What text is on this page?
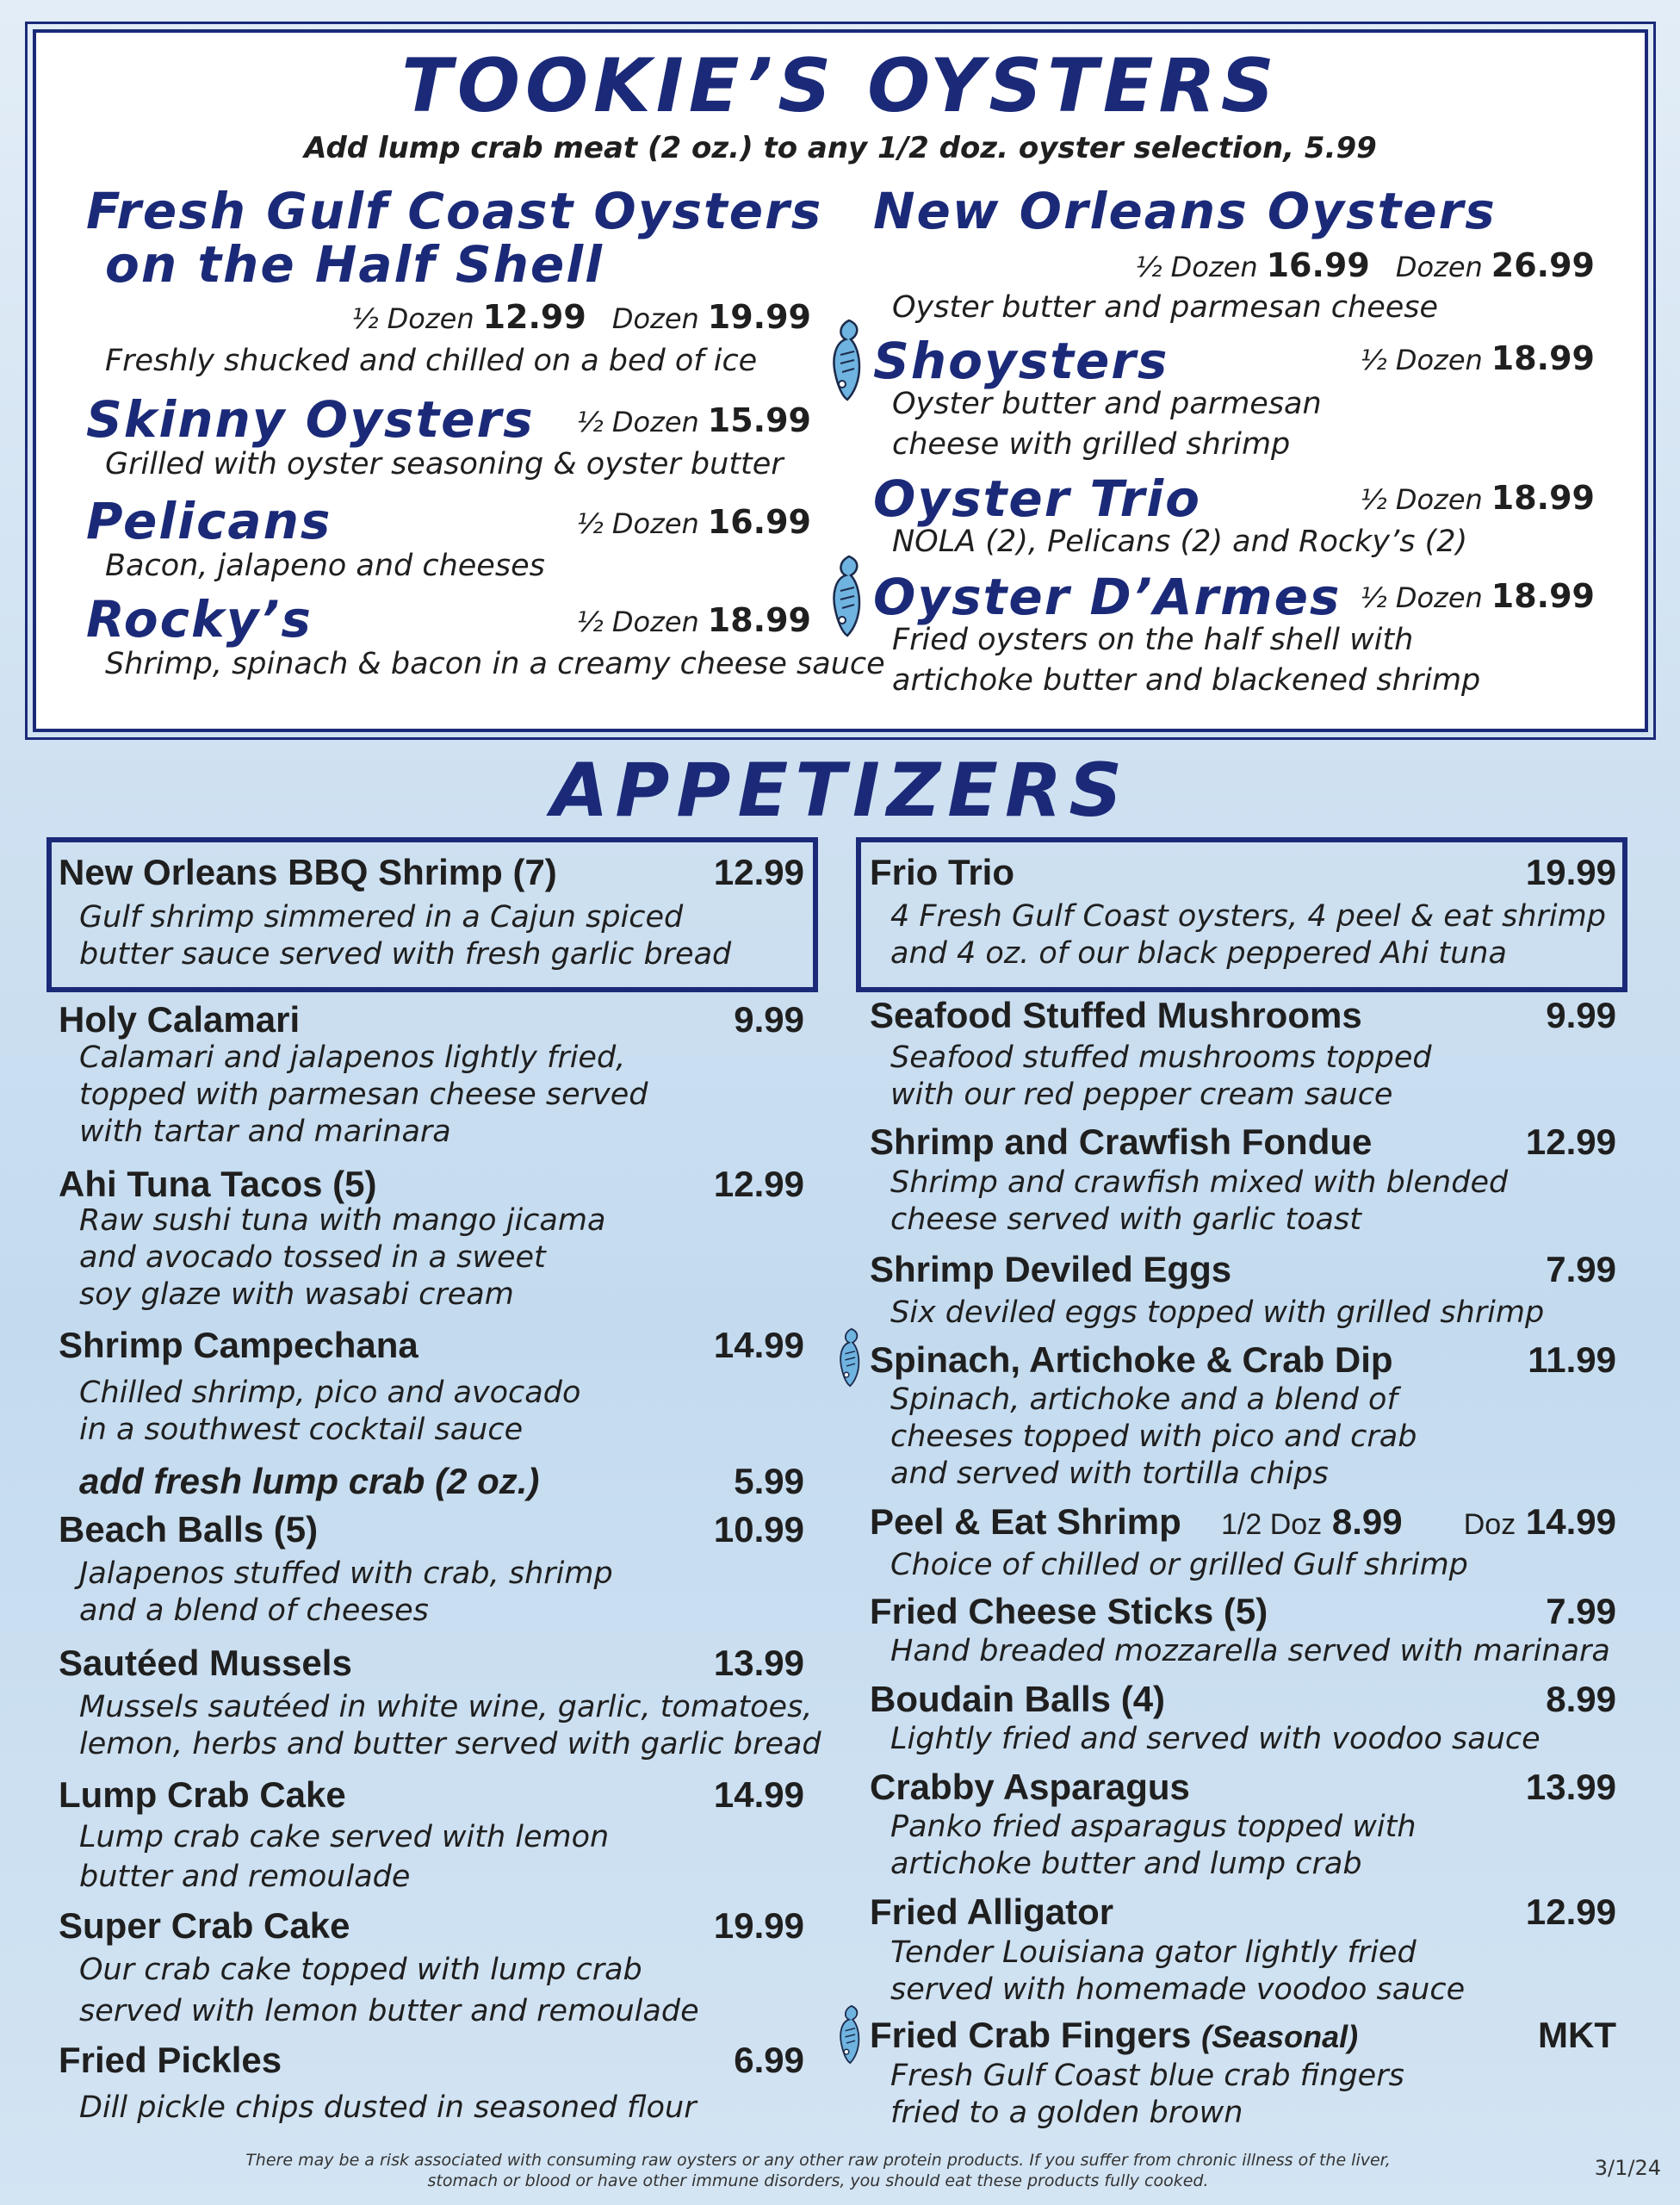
TOOKIE’S OYSTERS
Add lump crab meat (2 oz.) to any 1/2 doz. oyster selection, 5.99
Fresh Gulf Coast Oysters
on the Half Shell
½ Dozen 12.99 Dozen 19.99
Freshly shucked and chilled on a bed of ice
Skinny Oysters ½ Dozen 15.99
Grilled with oyster seasoning & oyster butter
Pelicans	½ Dozen 16.99
Bacon, jalapeno and cheeses
Rocky’s	½ Dozen 18.99
Shrimp, spinach & bacon in a creamy cheese sauce
New Orleans Oysters
½ Dozen 16.99 Dozen 26.99
Oyster butter and parmesan cheese
Shoysters	½ Dozen 18.99
Oyster butter and parmesan
cheese with grilled shrimp
Oyster Trio	½ Dozen 18.99
NOLA (2), Pelicans (2) and Rocky’s (2)
Oyster D’Armes ½ Dozen 18.99
Fried oysters on the half shell with
artichoke butter and blackened shrimp
APPETIZERS
New Orleans BBQ Shrimp (7)	12.99
Gulf shrimp simmered in a Cajun spiced
butter sauce served with fresh garlic bread
Holy Calamari	9.99
Calamari and jalapenos lightly fried,
topped with parmesan cheese served
with tartar and marinara
Ahi Tuna Tacos (5)	12.99
Raw sushi tuna with mango jicama
and avocado tossed in a sweet
soy glaze with wasabi cream
Shrimp Campechana	14.99
Chilled shrimp, pico and avocado
in a southwest cocktail sauce
add fresh lump crab (2 oz.)	5.99
Beach Balls (5)	10.99
Jalapenos stuffed with crab, shrimp
and a blend of cheeses
Sautéed Mussels	13.99
Mussels sautéed in white wine, garlic, tomatoes,
lemon, herbs and butter served with garlic bread
Lump Crab Cake	14.99
Lump crab cake served with lemon
butter and remoulade
Super Crab Cake	19.99
Our crab cake topped with lump crab
served with lemon butter and remoulade
Fried Pickles	6.99
Dill pickle chips dusted in seasoned flour
Frio Trio	19.99
4 Fresh Gulf Coast oysters, 4 peel & eat shrimp
and 4 oz. of our black peppered Ahi tuna
Seafood Stuffed Mushrooms	9.99
Seafood stuffed mushrooms topped
with our red pepper cream sauce
Shrimp and Crawfish Fondue	12.99
Shrimp and crawfish mixed with blended
cheese served with garlic toast
Shrimp Deviled Eggs	7.99
Six deviled eggs topped with grilled shrimp
Spinach, Artichoke & Crab Dip	11.99
Spinach, artichoke and a blend of
cheeses topped with pico and crab
and served with tortilla chips
Peel & Eat Shrimp 1/2 Doz 8.99 Doz 14.99
Choice of chilled or grilled Gulf shrimp
Fried Cheese Sticks (5)	7.99
Hand breaded mozzarella served with marinara
Boudain Balls (4)	8.99
Lightly fried and served with voodoo sauce
Crabby Asparagus	13.99
Panko fried asparagus topped with
artichoke butter and lump crab
Fried Alligator	12.99
Tender Louisiana gator lightly fried
served with homemade voodoo sauce
Fried Crab Fingers (Seasonal)	MKT
Fresh Gulf Coast blue crab fingers
fried to a golden brown
There may be a risk associated with consuming raw oysters or any other raw protein products. If you suffer from chronic illness of the liver,
stomach or blood or have other immune disorders, you should eat these products fully cooked.
3/1/24
